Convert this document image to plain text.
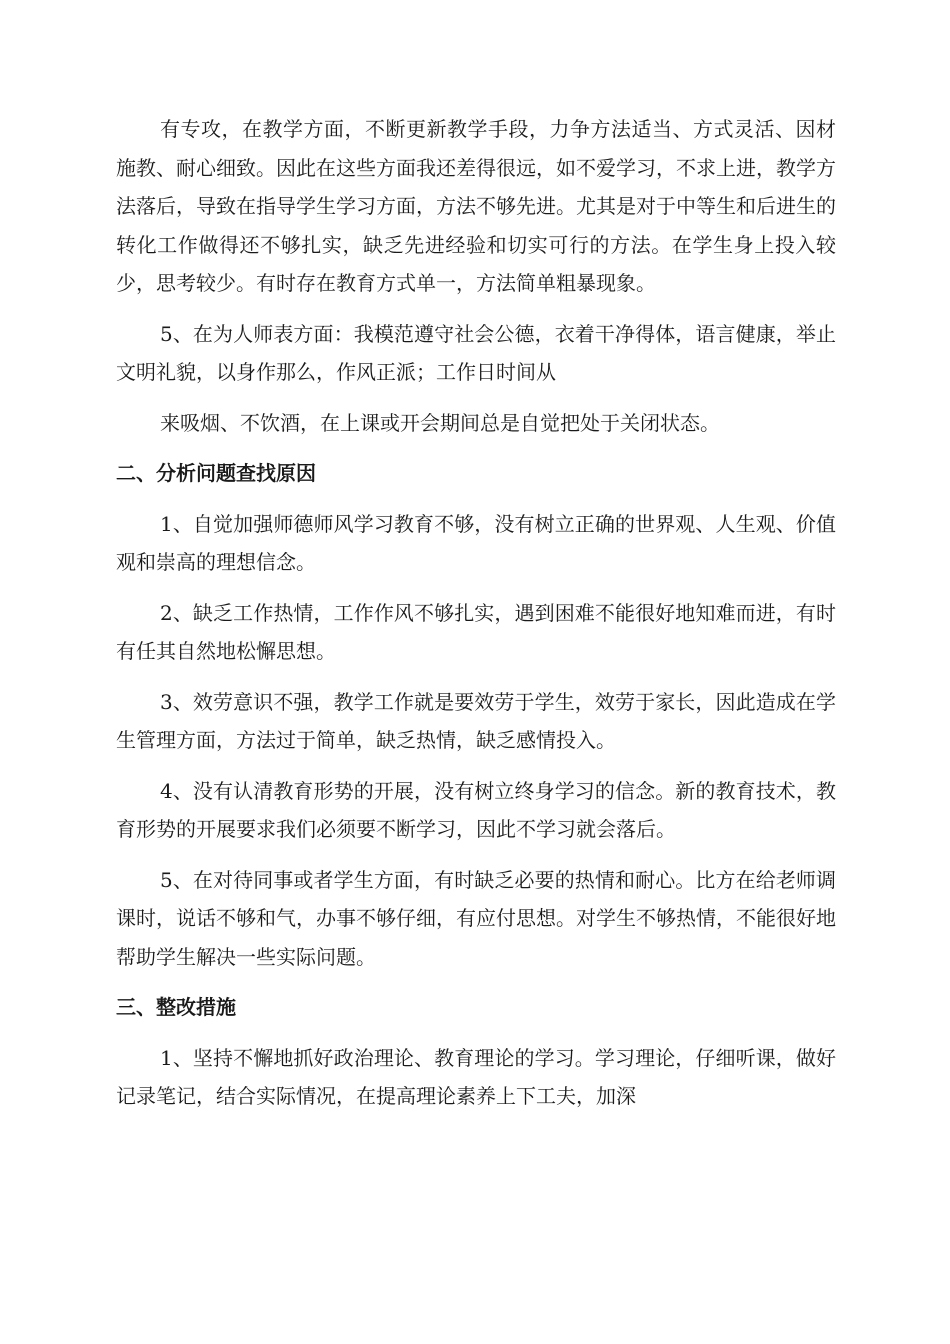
有专攻，在教学方面，不断更新教学手段，力争方法适当、方式灵活、因材施教、耐心细致。因此在这些方面我还差得很远，如不爱学习，不求上进，教学方法落后，导致在指导学生学习方面，方法不够先进。尤其是对于中等生和后进生的转化工作做得还不够扎实，缺乏先进经验和切实可行的方法。在学生身上投入较少，思考较少。有时存在教育方式单一，方法简单粗暴现象。

5、在为人师表方面：我模范遵守社会公德，衣着干净得体，语言健康，举止文明礼貌，以身作那么，作风正派；工作日时间从

来吸烟、不饮酒，在上课或开会期间总是自觉把处于关闭状态。

二、分析问题查找原因

1、自觉加强师德师风学习教育不够，没有树立正确的世界观、人生观、价值观和崇高的理想信念。

2、缺乏工作热情，工作作风不够扎实，遇到困难不能很好地知难而进，有时有任其自然地松懈思想。

3、效劳意识不强，教学工作就是要效劳于学生，效劳于家长，因此造成在学生管理方面，方法过于简单，缺乏热情，缺乏感情投入。

4、没有认清教育形势的开展，没有树立终身学习的信念。新的教育技术，教育形势的开展要求我们必须要不断学习，因此不学习就会落后。

5、在对待同事或者学生方面，有时缺乏必要的热情和耐心。比方在给老师调课时，说话不够和气，办事不够仔细，有应付思想。对学生不够热情，不能很好地帮助学生解决一些实际问题。

三、整改措施

1、坚持不懈地抓好政治理论、教育理论的学习。学习理论，仔细听课，做好记录笔记，结合实际情况，在提高理论素养上下工夫，加深
